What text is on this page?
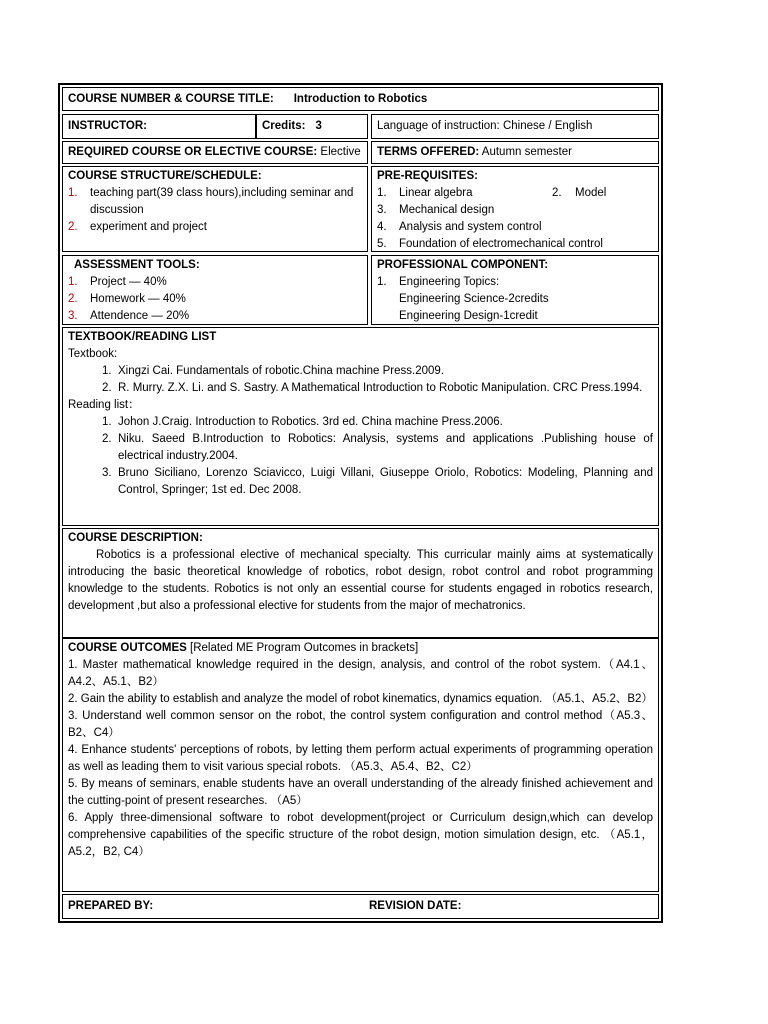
COURSE NUMBER & COURSE TITLE: Introduction to Robotics
INSTRUCTOR:	Credits: 3	Language of instruction: Chinese / English
REQUIRED COURSE OR ELECTIVE COURSE: Elective TERMS OFFERED: Autumn semester
COURSE STRUCTURE/SCHEDULE:
1. teaching part(39 class hours),including seminar and discussion
2. experiment and project
PRE-REQUISITES:
1. Linear algebra	2. Model
3. Mechanical design
4. Analysis and system control
5. Foundation of electromechanical control
ASSESSMENT TOOLS:
1. Project — 40%
2. Homework — 40%
3. Attendence — 20%
PROFESSIONAL COMPONENT:
1. Engineering Topics:
Engineering Science-2credits
Engineering Design-1credit
TEXTBOOK/READING LIST
Textbook:
1. Xingzi Cai. Fundamentals of robotic.China machine Press.2009.
2. R. Murry. Z.X. Li. and S. Sastry. A Mathematical Introduction to Robotic Manipulation. CRC Press.1994.
Reading list：
1. Johon J.Craig. Introduction to Robotics. 3rd ed. China machine Press.2006.
2. Niku. Saeed B.Introduction to Robotics: Analysis, systems and applications .Publishing house of electrical industry.2004.
3. Bruno Siciliano, Lorenzo Sciavicco, Luigi Villani, Giuseppe Oriolo, Robotics: Modeling, Planning and Control, Springer; 1st ed. Dec 2008.
COURSE DESCRIPTION:
Robotics is a professional elective of mechanical specialty. This curricular mainly aims at systematically introducing the basic theoretical knowledge of robotics, robot design, robot control and robot programming knowledge to the students. Robotics is not only an essential course for students engaged in robotics research, development ,but also a professional elective for students from the major of mechatronics.
COURSE OUTCOMES [Related ME Program Outcomes in brackets]
1. Master mathematical knowledge required in the design, analysis, and control of the robot system.（A4.1、A4.2、A5.1、B2）
2. Gain the ability to establish and analyze the model of robot kinematics, dynamics equation. （A5.1、A5.2、B2）
3. Understand well common sensor on the robot, the control system configuration and control method（A5.3、B2、C4）
4. Enhance students' perceptions of robots, by letting them perform actual experiments of programming operation as well as leading them to visit various special robots. （A5.3、A5.4、B2、C2）
5. By means of seminars, enable students have an overall understanding of the already finished achievement and the cutting-point of present researches. （A5）
6. Apply three-dimensional software to robot development(project or Curriculum design,which can develop comprehensive capabilities of the specific structure of the robot design, motion simulation design, etc. （A5.1，A5.2，B2, C4）
PREPARED BY:	REVISION DATE:
